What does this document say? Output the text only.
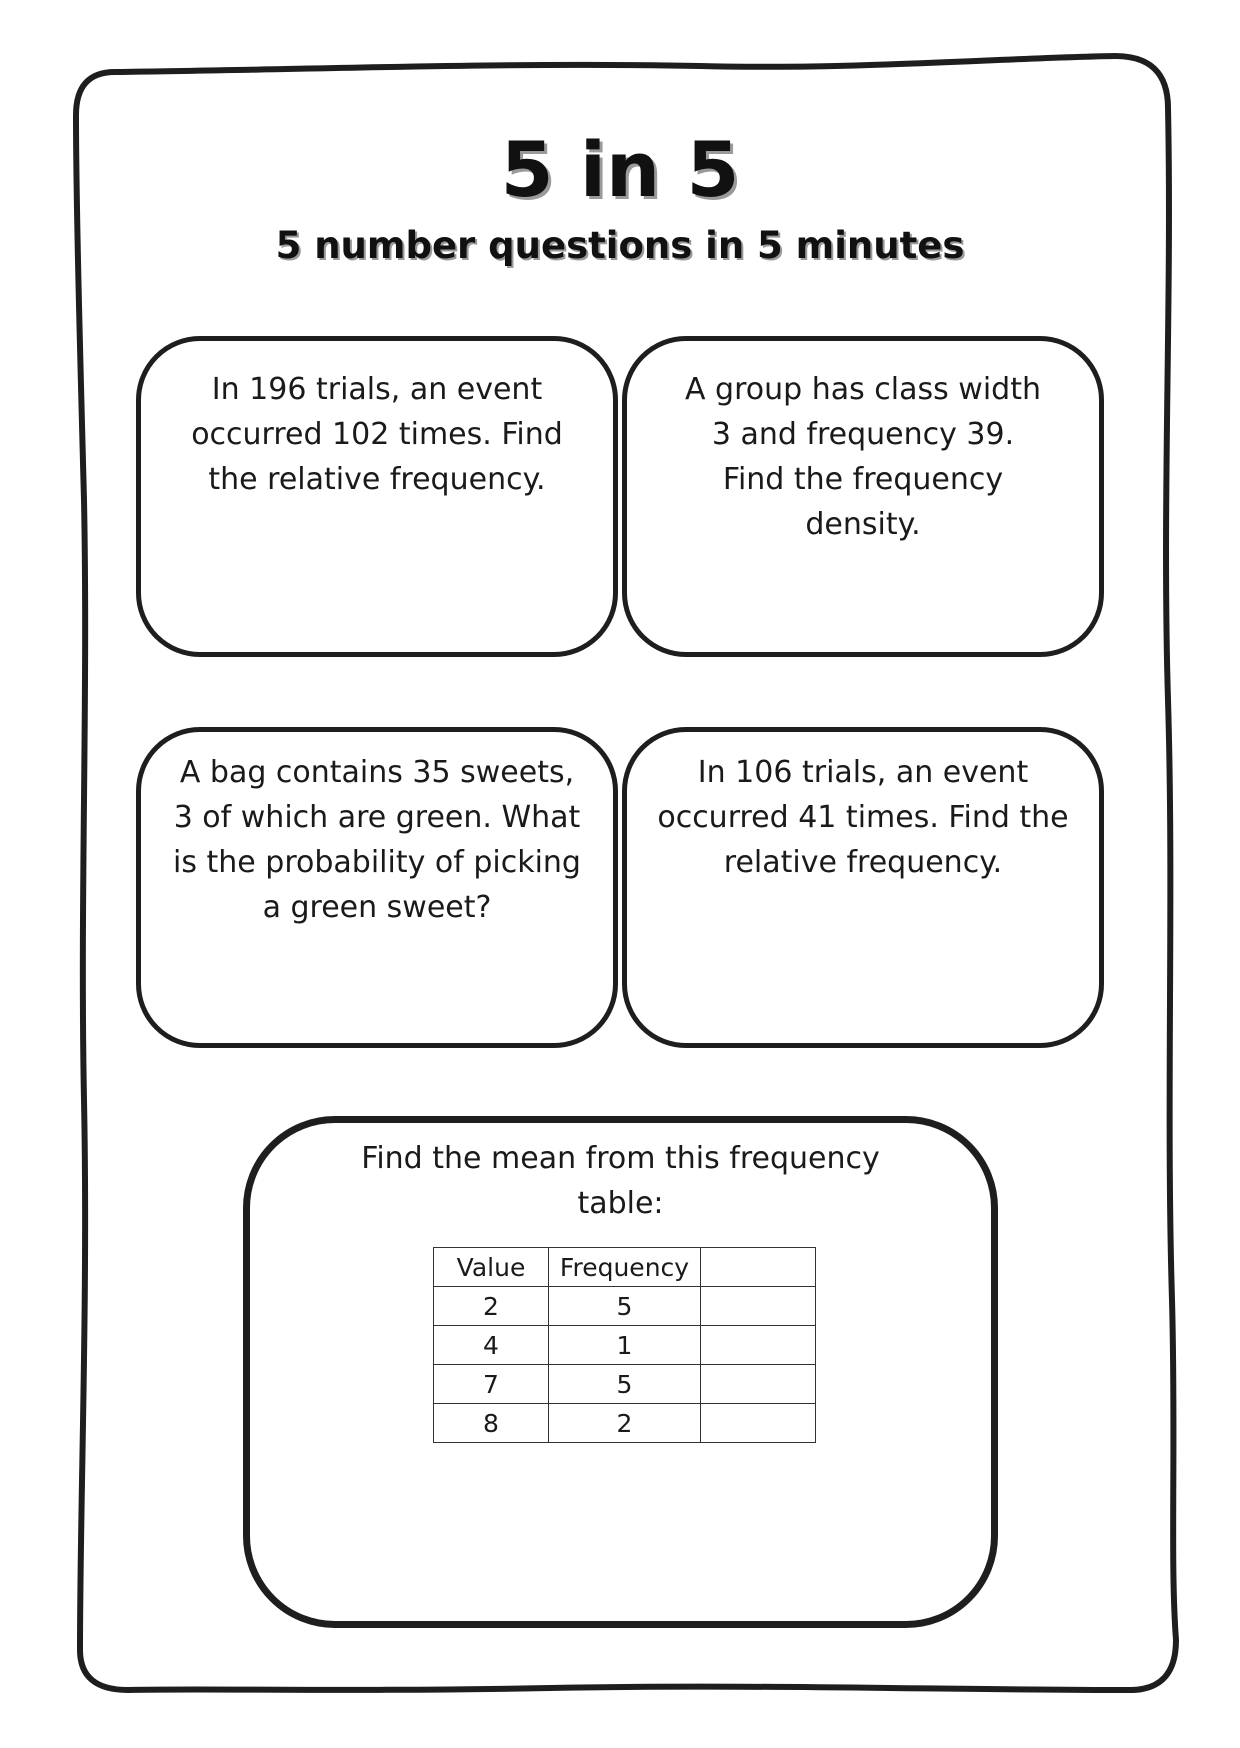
5 in 5
5 number questions in 5 minutes
In 196 trials, an event occurred 102 times. Find the relative frequency.
A group has class width 3 and frequency 39. Find the frequency density.
A bag contains 35 sweets, 3 of which are green. What is the probability of picking a green sweet?
In 106 trials, an event occurred 41 times. Find the relative frequency.
Find the mean from this frequency table:
Value	Frequency	
2	5	
4	1	
7	5	
8	2	
